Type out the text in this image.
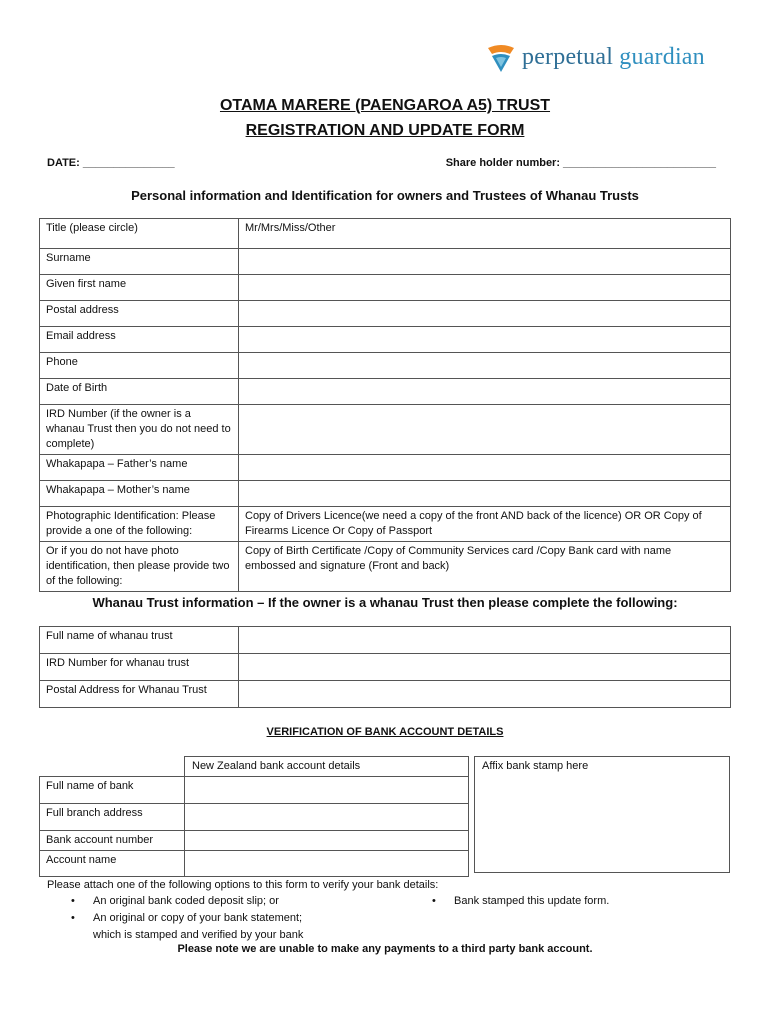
perpetual guardian
OTAMA MARERE (PAENGAROA A5) TRUST
REGISTRATION AND UPDATE FORM
DATE: _______________	Share holder number: _________________________
Personal information and Identification for owners and Trustees of Whanau Trusts
Title (please circle)	Mr/Mrs/Miss/Other
Surname	
Given first name	
Postal address	
Email address	
Phone	
Date of Birth	
IRD Number (if the owner is a whanau Trust then you do not need to complete)	
Whakapapa – Father’s name	
Whakapapa – Mother’s name	
Photographic Identification: Please provide a one of the following:	Copy of Drivers Licence(we need a copy of the front AND back of the licence) OR OR Copy of Firearms Licence Or Copy of Passport
Or if you do not have photo identification, then please provide two of the following:	Copy of Birth Certificate /Copy of Community Services card /Copy Bank card with name embossed and signature (Front and back)
Whanau Trust information – If the owner is a whanau Trust then please complete the following:
Full name of whanau trust	
IRD Number for whanau trust	
Postal Address for Whanau Trust	
VERIFICATION OF BANK ACCOUNT DETAILS
	New Zealand bank account details
Full name of bank	
Full branch address	
Bank account number	
Account name	
Affix bank stamp here
Please attach one of the following options to this form to verify your bank details:
• An original bank coded deposit slip; or
• An original or copy of your bank statement;
which is stamped and verified by your bank
• Bank stamped this update form.
Please note we are unable to make any payments to a third party bank account.
